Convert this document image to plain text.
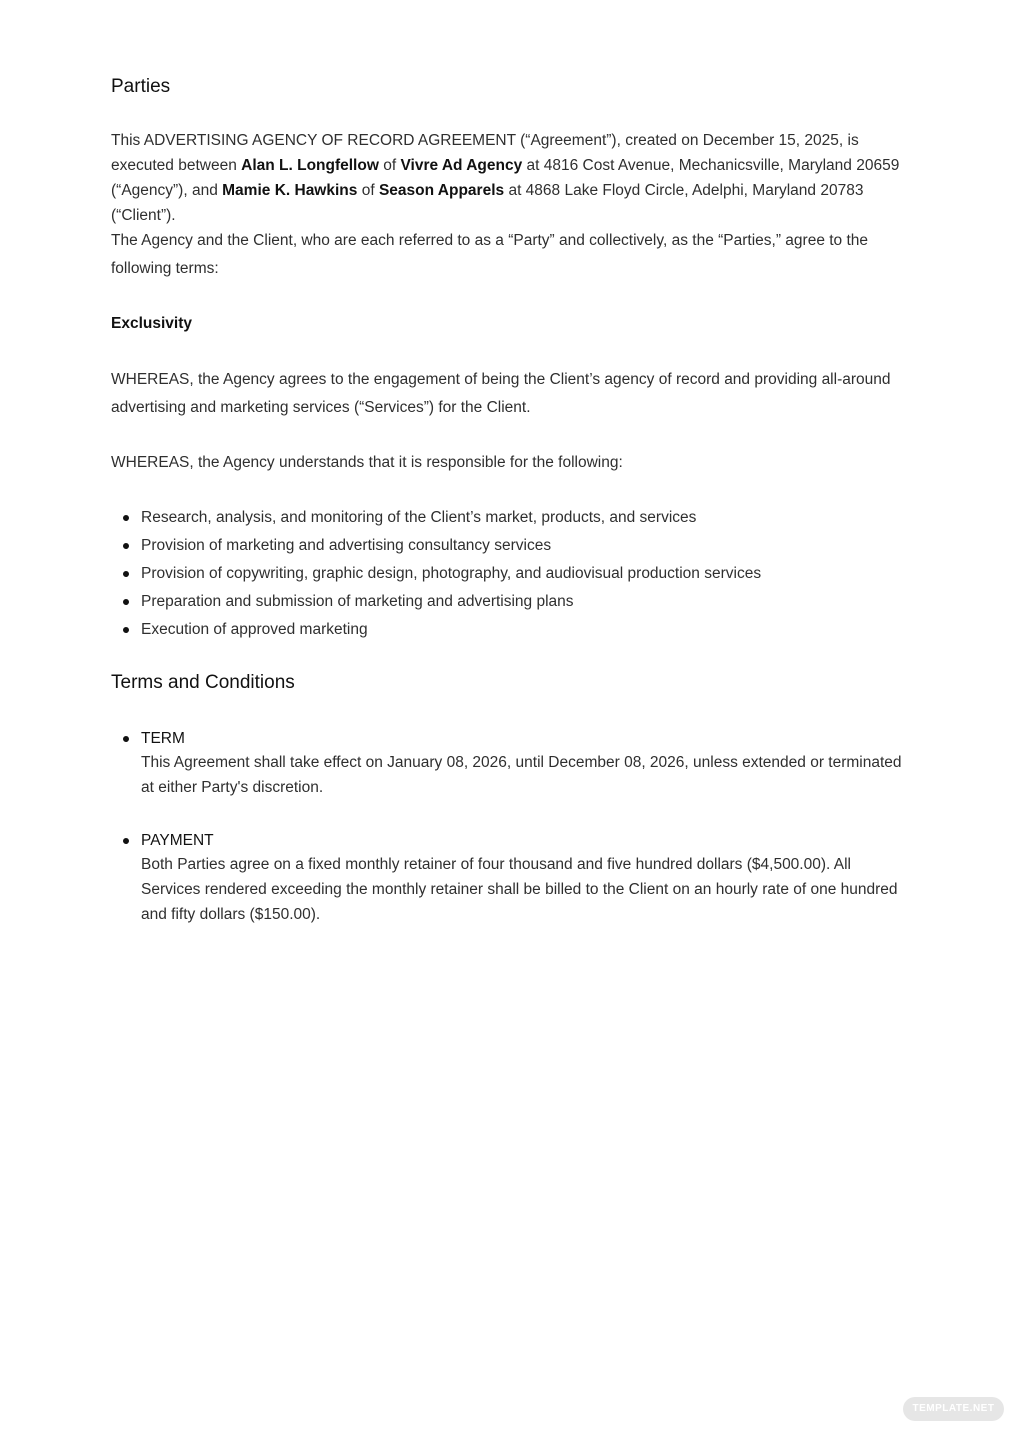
Parties

This ADVERTISING AGENCY OF RECORD AGREEMENT (“Agreement”), created on December 15, 2025, is executed between Alan L. Longfellow of Vivre Ad Agency at 4816 Cost Avenue, Mechanicsville, Maryland 20659 (“Agency”), and Mamie K. Hawkins of Season Apparels at 4868 Lake Floyd Circle, Adelphi, Maryland 20783 (“Client”).

The Agency and the Client, who are each referred to as a “Party” and collectively, as the “Parties,” agree to the following terms:

Exclusivity

WHEREAS, the Agency agrees to the engagement of being the Client’s agency of record and providing all-around advertising and marketing services (“Services”) for the Client.

WHEREAS, the Agency understands that it is responsible for the following:

Research, analysis, and monitoring of the Client’s market, products, and services
Provision of marketing and advertising consultancy services
Provision of copywriting, graphic design, photography, and audiovisual production services
Preparation and submission of marketing and advertising plans
Execution of approved marketing
Terms and Conditions
TERM
This Agreement shall take effect on January 08, 2026, until December 08, 2026, unless extended or terminated at either Party's discretion.
PAYMENT
Both Parties agree on a fixed monthly retainer of four thousand and five hundred dollars ($4,500.00). All Services rendered exceeding the monthly retainer shall be billed to the Client on an hourly rate of one hundred and fifty dollars ($150.00).
TEMPLATE.NET
